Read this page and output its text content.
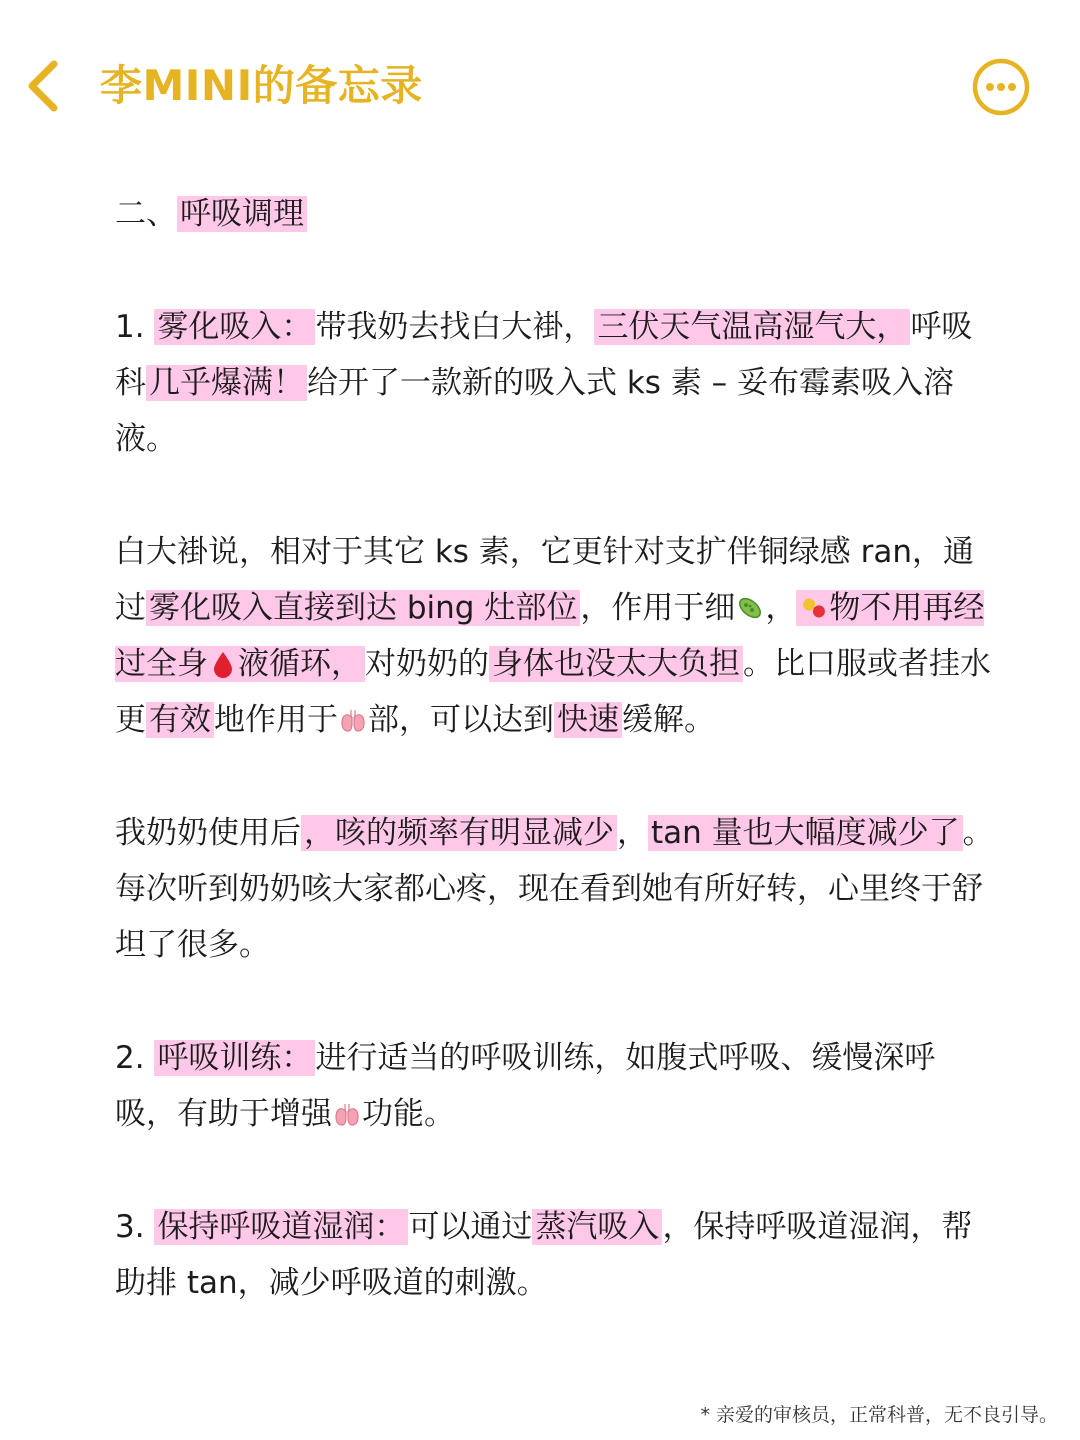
李MINI的备忘录

二、呼吸调理

1. 雾化吸入：带我奶去找白大褂，三伏天气温高湿气大，呼吸科几乎爆满！给开了一款新的吸入式 ks 素 – 妥布霉素吸入溶液。

白大褂说，相对于其它 ks 素，它更针对支扩伴铜绿感 ran，通过雾化吸入直接到达 bing 灶部位，作用于细 ， 物不用再经过全身 液循环，对奶奶的身体也没太大负担。比口服或者挂水更有效地作用于 部，可以达到快速缓解。

我奶奶使用后，咳的频率有明显减少，tan 量也大幅度减少了。每次听到奶奶咳大家都心疼，现在看到她有所好转，心里终于舒坦了很多。

2. 呼吸训练：进行适当的呼吸训练，如腹式呼吸、缓慢深呼吸，有助于增强 功能。

3. 保持呼吸道湿润：可以通过蒸汽吸入，保持呼吸道湿润，帮助排 tan，减少呼吸道的刺激。

* 亲爱的审核员，正常科普，无不良引导。
